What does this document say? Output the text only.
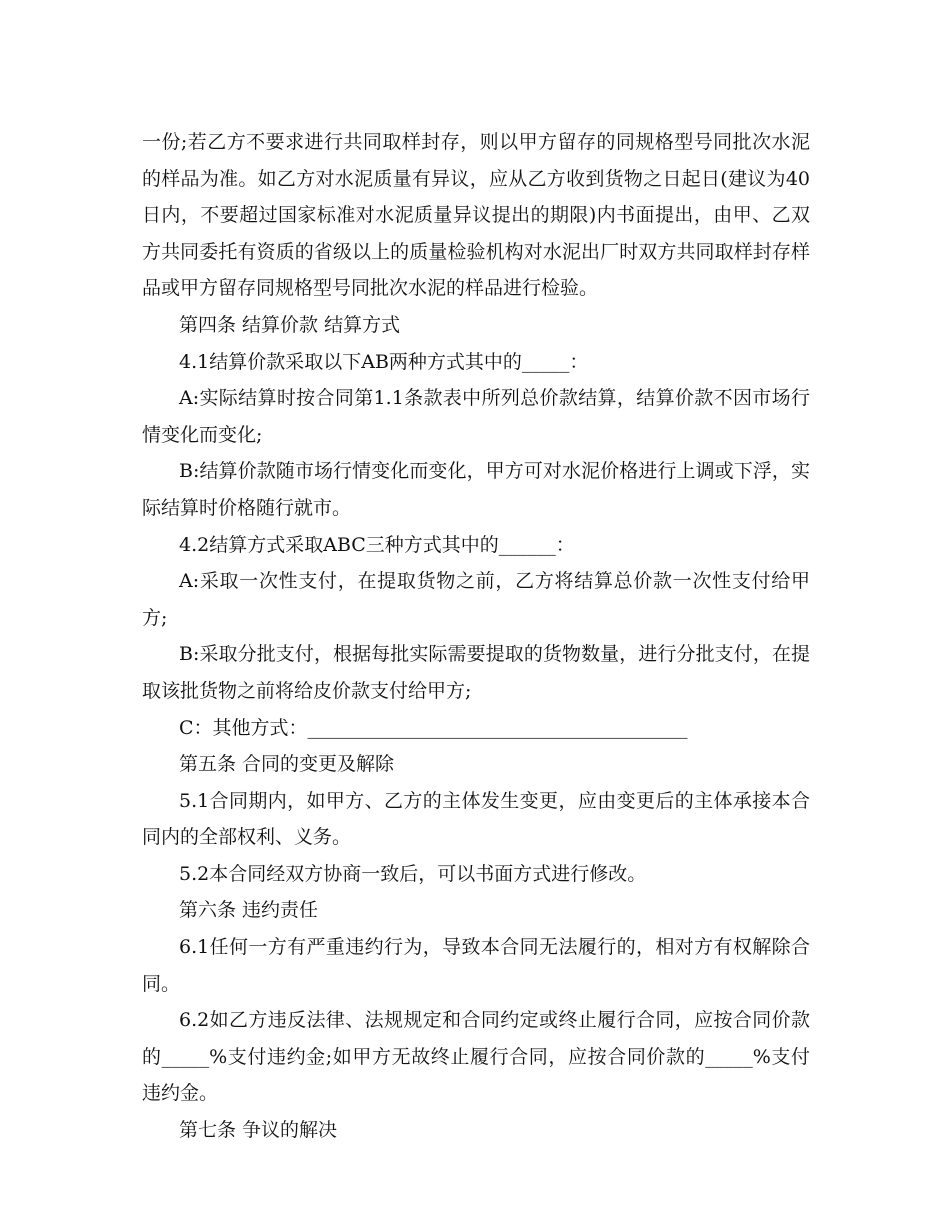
一份;若乙方不要求进行共同取样封存，则以甲方留存的同规格型号同批次水泥的样品为准。如乙方对水泥质量有异议，应从乙方收到货物之日起日(建议为40日内，不要超过国家标准对水泥质量异议提出的期限)内书面提出，由甲、乙双方共同委托有资质的省级以上的质量检验机构对水泥出厂时双方共同取样封存样品或甲方留存同规格型号同批次水泥的样品进行检验。

第四条 结算价款 结算方式

4.1结算价款采取以下AB两种方式其中的_____：

A:实际结算时按合同第1.1条款表中所列总价款结算，结算价款不因市场行情变化而变化;

B:结算价款随市场行情变化而变化，甲方可对水泥价格进行上调或下浮，实际结算时价格随行就市。

4.2结算方式采取ABC三种方式其中的______：

A:采取一次性支付，在提取货物之前，乙方将结算总价款一次性支付给甲方;

B:采取分批支付，根据每批实际需要提取的货物数量，进行分批支付，在提取该批货物之前将给皮价款支付给甲方;

C：其他方式：________________________________________

第五条 合同的变更及解除

5.1合同期内，如甲方、乙方的主体发生变更，应由变更后的主体承接本合同内的全部权利、义务。

5.2本合同经双方协商一致后，可以书面方式进行修改。

第六条 违约责任

6.1任何一方有严重违约行为，导致本合同无法履行的，相对方有权解除合同。

6.2如乙方违反法律、法规规定和合同约定或终止履行合同，应按合同价款的_____%支付违约金;如甲方无故终止履行合同，应按合同价款的_____%支付违约金。

第七条 争议的解决
